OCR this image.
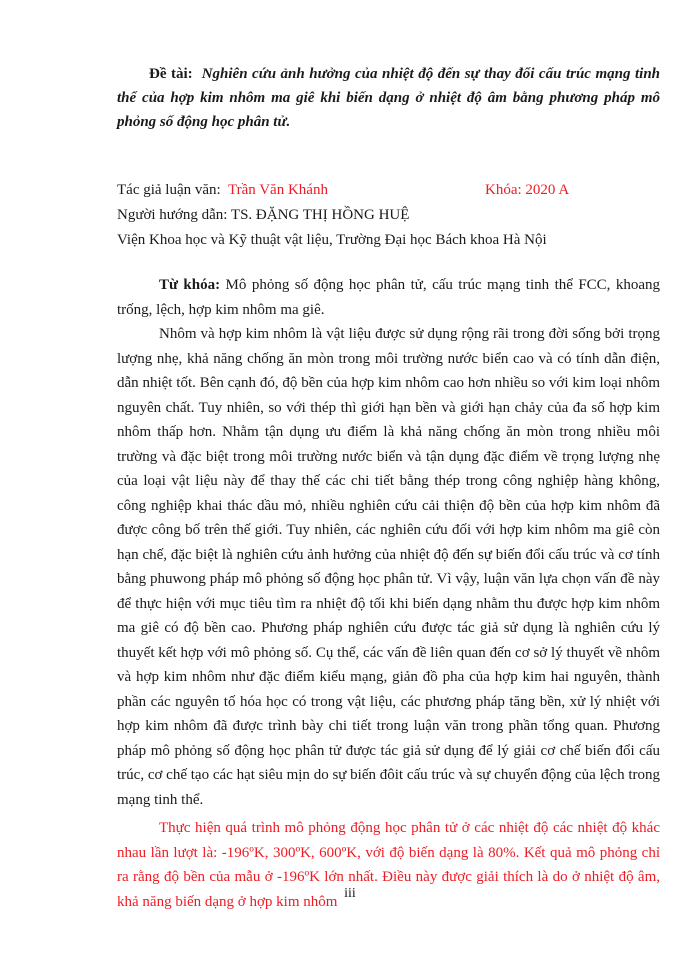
Đề tài: Nghiên cứu ảnh hưởng của nhiệt độ đến sự thay đổi cấu trúc mạng tinh thể của hợp kim nhôm ma giê khi biến dạng ở nhiệt độ âm bằng phương pháp mô phỏng số động học phân tử.

Tác giả luận văn: Trần Văn Khánh	Khóa: 2020 A
Người hướng dẫn: TS. ĐẶNG THỊ HỒNG HUỆ
Viện Khoa học và Kỹ thuật vật liệu, Trường Đại học Bách khoa Hà Nội

Từ khóa: Mô phỏng số động học phân tử, cấu trúc mạng tinh thể FCC, khoang trống, lệch, hợp kim nhôm ma giê.

Nhôm và hợp kim nhôm là vật liệu được sử dụng rộng rãi trong đời sống bởi trọng lượng nhẹ, khả năng chống ăn mòn trong môi trường nước biển cao và có tính dẫn điện, dẫn nhiệt tốt. Bên cạnh đó, độ bền của hợp kim nhôm cao hơn nhiều so với kim loại nhôm nguyên chất. Tuy nhiên, so với thép thì giới hạn bền và giới hạn chảy của đa số hợp kim nhôm thấp hơn. Nhằm tận dụng ưu điểm là khả năng chống ăn mòn trong nhiều môi trường và đặc biệt trong môi trường nước biển và tận dụng đặc điểm về trọng lượng nhẹ của loại vật liệu này để thay thế các chi tiết bằng thép trong công nghiệp hàng không, công nghiệp khai thác dầu mỏ, nhiều nghiên cứu cải thiện độ bền của hợp kim nhôm đã được công bố trên thế giới. Tuy nhiên, các nghiên cứu đối với hợp kim nhôm ma giê còn hạn chế, đặc biệt là nghiên cứu ảnh hưởng của nhiệt độ đến sự biến đổi cấu trúc và cơ tính bằng phuwong pháp mô phỏng số động học phân tử. Vì vậy, luận văn lựa chọn vấn đề này để thực hiện với mục tiêu tìm ra nhiệt độ tối khi biến dạng nhằm thu được hợp kim nhôm ma giê có độ bền cao. Phương pháp nghiên cứu được tác giả sử dụng là nghiên cứu lý thuyết kết hợp với mô phỏng số. Cụ thể, các vấn đề liên quan đến cơ sở lý thuyết về nhôm và hợp kim nhôm như đặc điểm kiểu mạng, giản đồ pha của hợp kim hai nguyên, thành phần các nguyên tố hóa học có trong vật liệu, các phương pháp tăng bền, xử lý nhiệt với hợp kim nhôm đã được trình bày chi tiết trong luận văn trong phần tổng quan. Phương pháp mô phỏng số động học phân tử được tác giả sử dụng để lý giải cơ chế biến đổi cấu trúc, cơ chế tạo các hạt siêu mịn do sự biến đôit cấu trúc và sự chuyển động của lệch trong mạng tinh thể.

Thực hiện quá trình mô phỏng động học phân tử ở các nhiệt độ các nhiệt độ khác nhau lần lượt là: -196ºK, 300ºK, 600ºK, với độ biến dạng là 80%. Kết quả mô phỏng chỉ ra rằng độ bền của mẫu ở -196ºK lớn nhất. Điều này được giải thích là do ở nhiệt độ âm, khả năng biến dạng ở hợp kim nhôm iii
